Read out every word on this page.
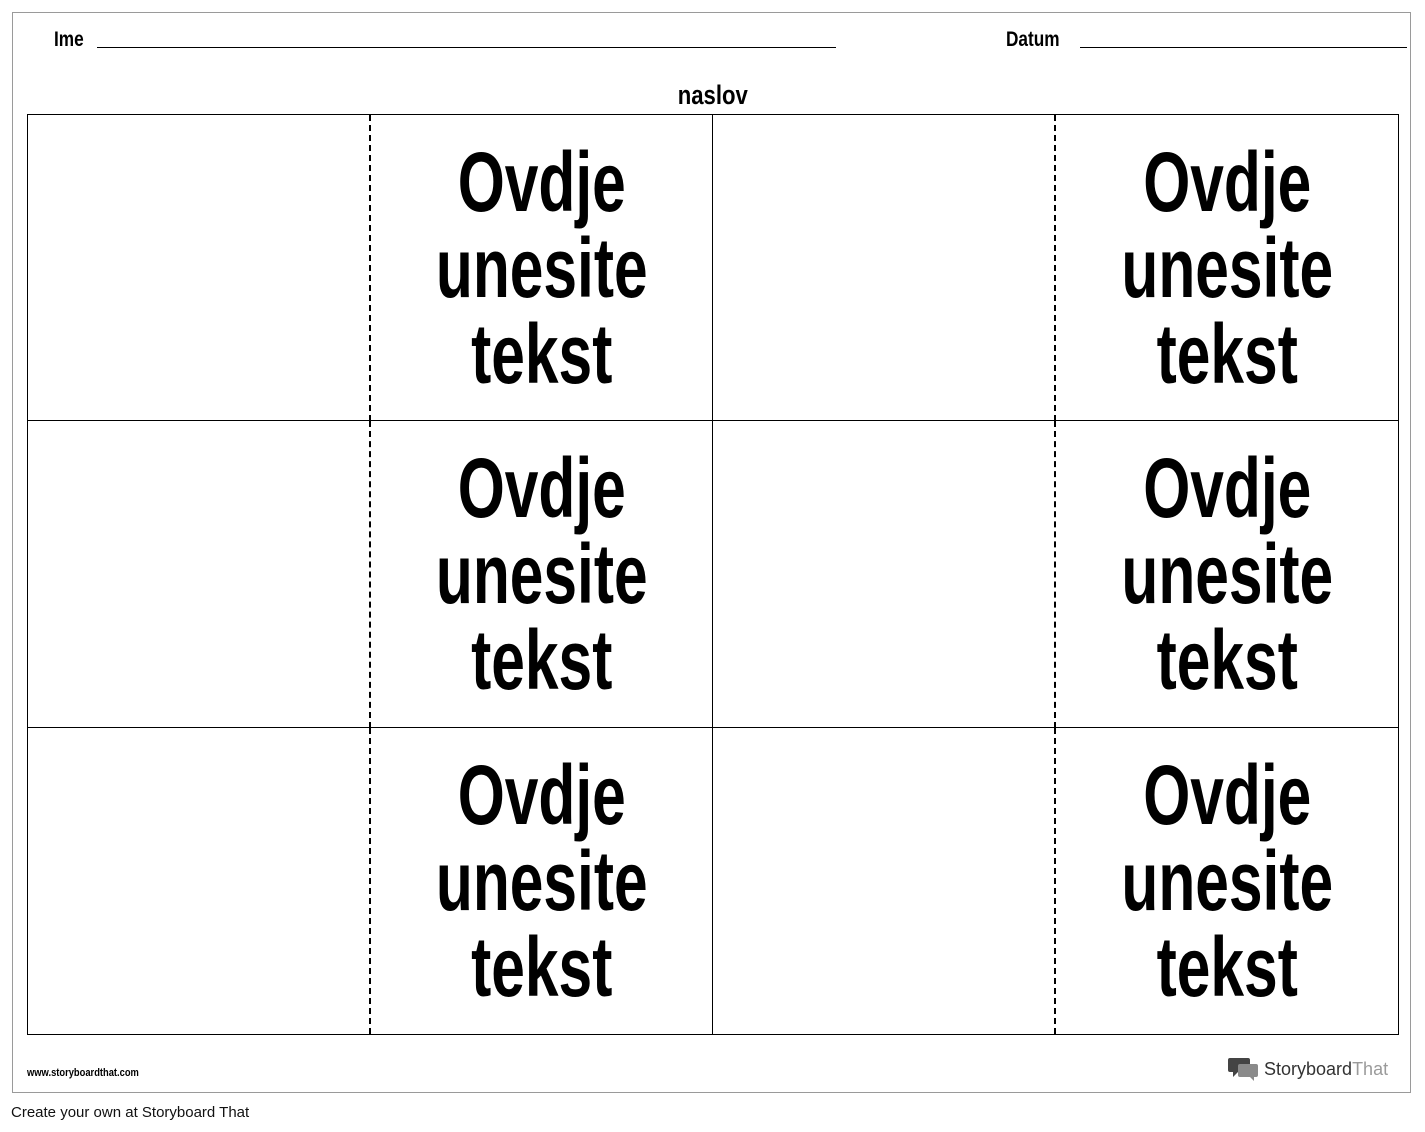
Ime	Datum
naslov
Ovdje unesite tekst
Ovdje unesite tekst
Ovdje unesite tekst
Ovdje unesite tekst
Ovdje unesite tekst
Ovdje unesite tekst
www.storyboardthat.com	StoryboardThat
Create your own at Storyboard That
